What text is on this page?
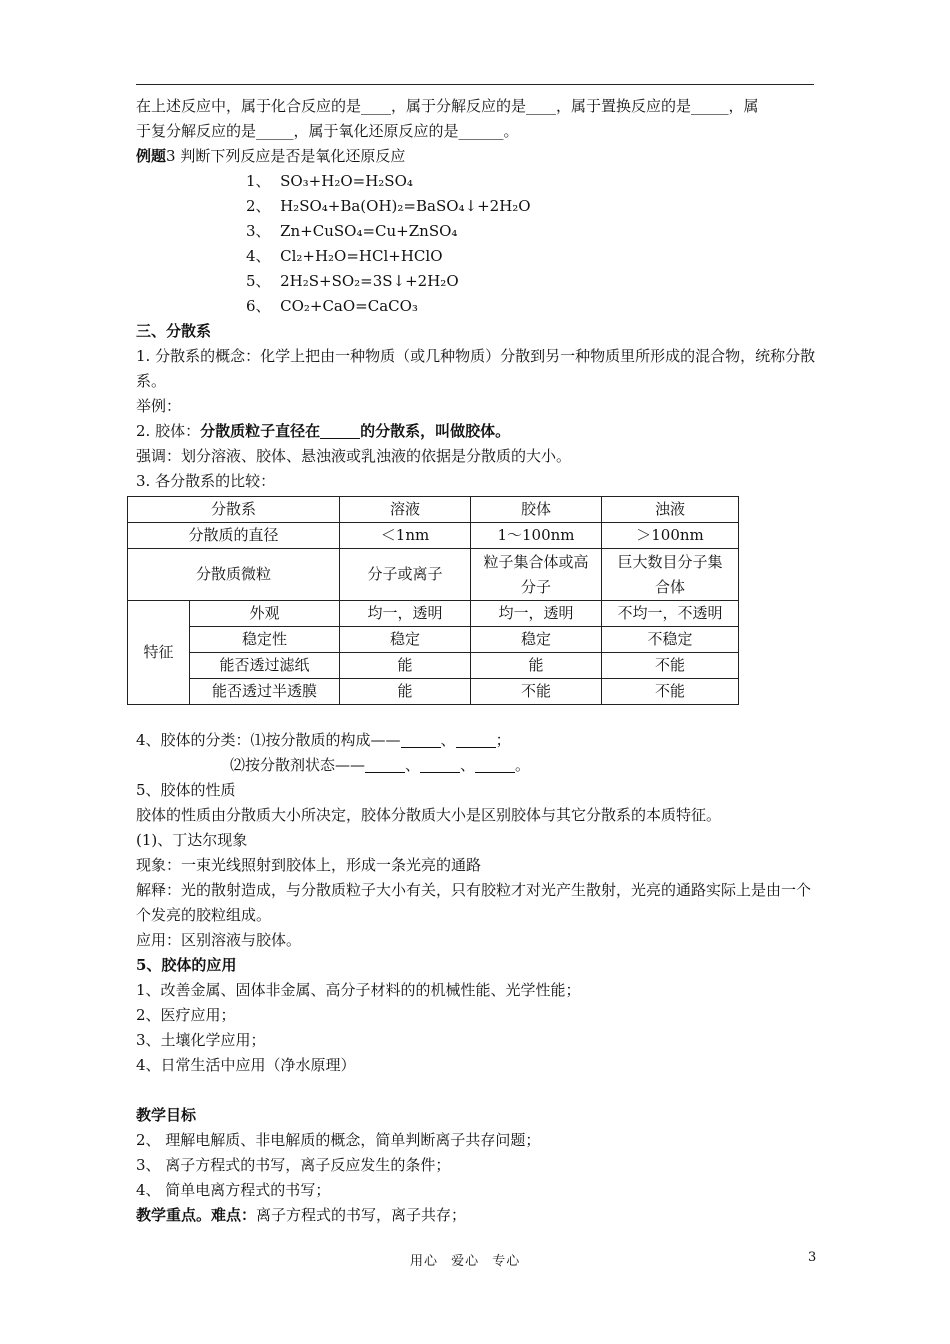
在上述反应中，属于化合反应的是____，属于分解反应的是____，属于置换反应的是_____，属
于复分解反应的是_____，属于氧化还原反应的是______。
例题3 判断下列反应是否是氧化还原反应
1、 SO₃+H₂O=H₂SO₄
2、 H₂SO₄+Ba(OH)₂=BaSO₄↓+2H₂O
3、 Zn+CuSO₄=Cu+ZnSO₄
4、 Cl₂+H₂O=HCl+HClO
5、 2H₂S+SO₂=3S↓+2H₂O
6、 CO₂+CaO=CaCO₃
三、分散系
1. 分散系的概念：化学上把由一种物质（或几种物质）分散到另一种物质里所形成的混合物，统称分散系。
举例：
2. 胶体：分散质粒子直径在	的分散系，叫做胶体。
强调：划分溶液、胶体、悬浊液或乳浊液的依据是分散质的大小。
3. 各分散系的比较：
分散系		溶液	胶体	浊液
分散质的直径		＜1nm	1～100nm	＞100nm
分散质微粒		分子或离子	粒子集合体或高分子	巨大数目分子集合体
特征	外观	均一，透明	均一，透明	不均一，不透明
	稳定性	稳定	稳定	不稳定
	能否透过滤纸	能	能	不能
	能否透过半透膜	能	不能	不能
4、胶体的分类：⑴按分散质的构成——	、	；
⑵按分散剂状态——	、	、	。
5、胶体的性质
胶体的性质由分散质大小所决定，胶体分散质大小是区别胶体与其它分散系的本质特征。
(1)、丁达尔现象
现象：一束光线照射到胶体上，形成一条光亮的通路
解释：光的散射造成，与分散质粒子大小有关，只有胶粒才对光产生散射，光亮的通路实际上是由一个个发亮的胶粒组成。
应用：区别溶液与胶体。
5、胶体的应用
1、改善金属、固体非金属、高分子材料的的机械性能、光学性能；
2、医疗应用；
3、土壤化学应用；
4、日常生活中应用（净水原理）
教学目标
2、 理解电解质、非电解质的概念，简单判断离子共存问题；
3、 离子方程式的书写，离子反应发生的条件；
4、 简单电离方程式的书写；
教学重点。难点：离子方程式的书写，离子共存；
用心 爱心 专心	3
